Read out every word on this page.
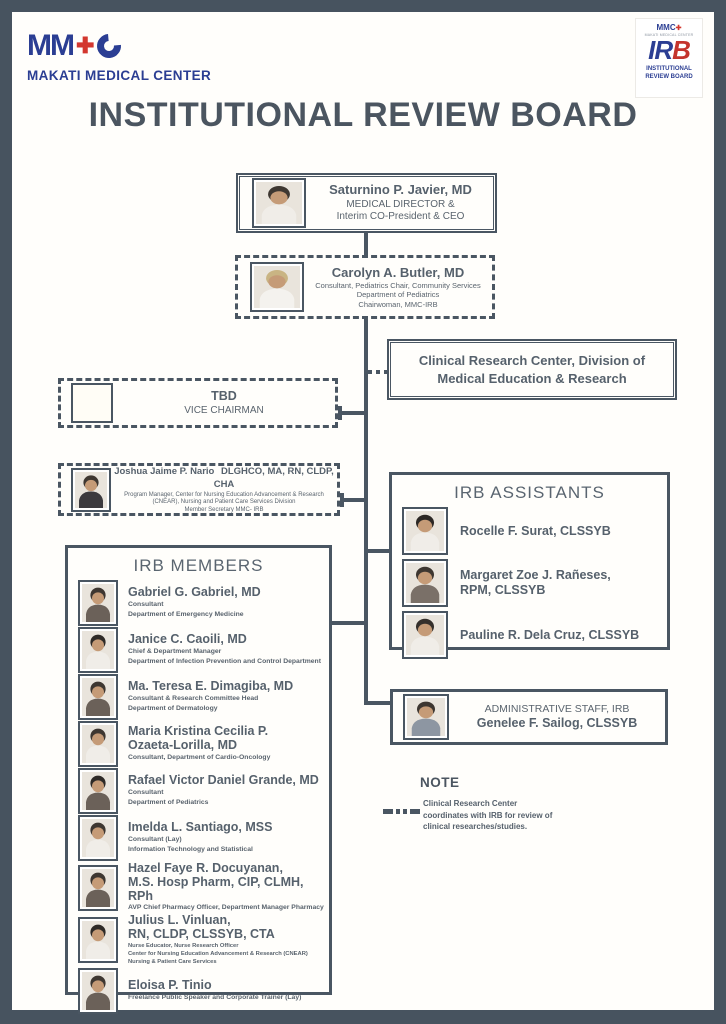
MM ✚
MAKATI MEDICAL CENTER
MMC✚
MAKATI MEDICAL CENTER
IRB
INSTITUTIONAL
REVIEW BOARD
INSTITUTIONAL REVIEW BOARD
Saturnino P. Javier, MD
MEDICAL DIRECTOR &
Interim CO-President & CEO
Carolyn A. Butler, MD
Consultant, Pediatrics Chair, Community Services
Department of Pediatrics
Chairwoman, MMC-IRB
Clinical Research Center, Division of
Medical Education & Research
TBD
VICE CHAIRMAN
Joshua Jaime P. Nario DLGHCO, MA, RN, CLDP, CHA
Program Manager, Center for Nursing Education Advancement & Research
(CNEAR), Nursing and Patient Care Services Division
Member Secretary MMC- IRB
IRB ASSISTANTS
Rocelle F. Surat, CLSSYB
Margaret Zoe J. Rañeses,
RPM, CLSSYB
Pauline R. Dela Cruz, CLSSYB
IRB MEMBERS
Gabriel G. Gabriel, MD
Consultant
Department of Emergency Medicine
Janice C. Caoili, MD
Chief & Department Manager
Department of Infection Prevention and Control Department
Ma. Teresa E. Dimagiba, MD
Consultant & Research Committee Head
Department of Dermatology
Maria Kristina Cecilia P.
Ozaeta-Lorilla, MD
Consultant, Department of Cardio-Oncology
Rafael Victor Daniel Grande, MD
Consultant
Department of Pediatrics
Imelda L. Santiago, MSS
Consultant (Lay)
Information Technology and Statistical
Hazel Faye R. Docuyanan,
M.S. Hosp Pharm, CIP, CLMH, RPh
AVP Chief Pharmacy Officer, Department Manager Pharmacy
Julius L. Vinluan,
RN, CLDP, CLSSYB, CTA
Nurse Educator, Nurse Research Officer
Center for Nursing Education Advancement & Research (CNEAR)
Nursing & Patient Care Services
Eloisa P. Tinio
Freelance Public Speaker and Corporate Trainer (Lay)
ADMINISTRATIVE STAFF, IRB
Genelee F. Sailog, CLSSYB
NOTE
Clinical Research Center
coordinates with IRB for review of
clinical researches/studies.
